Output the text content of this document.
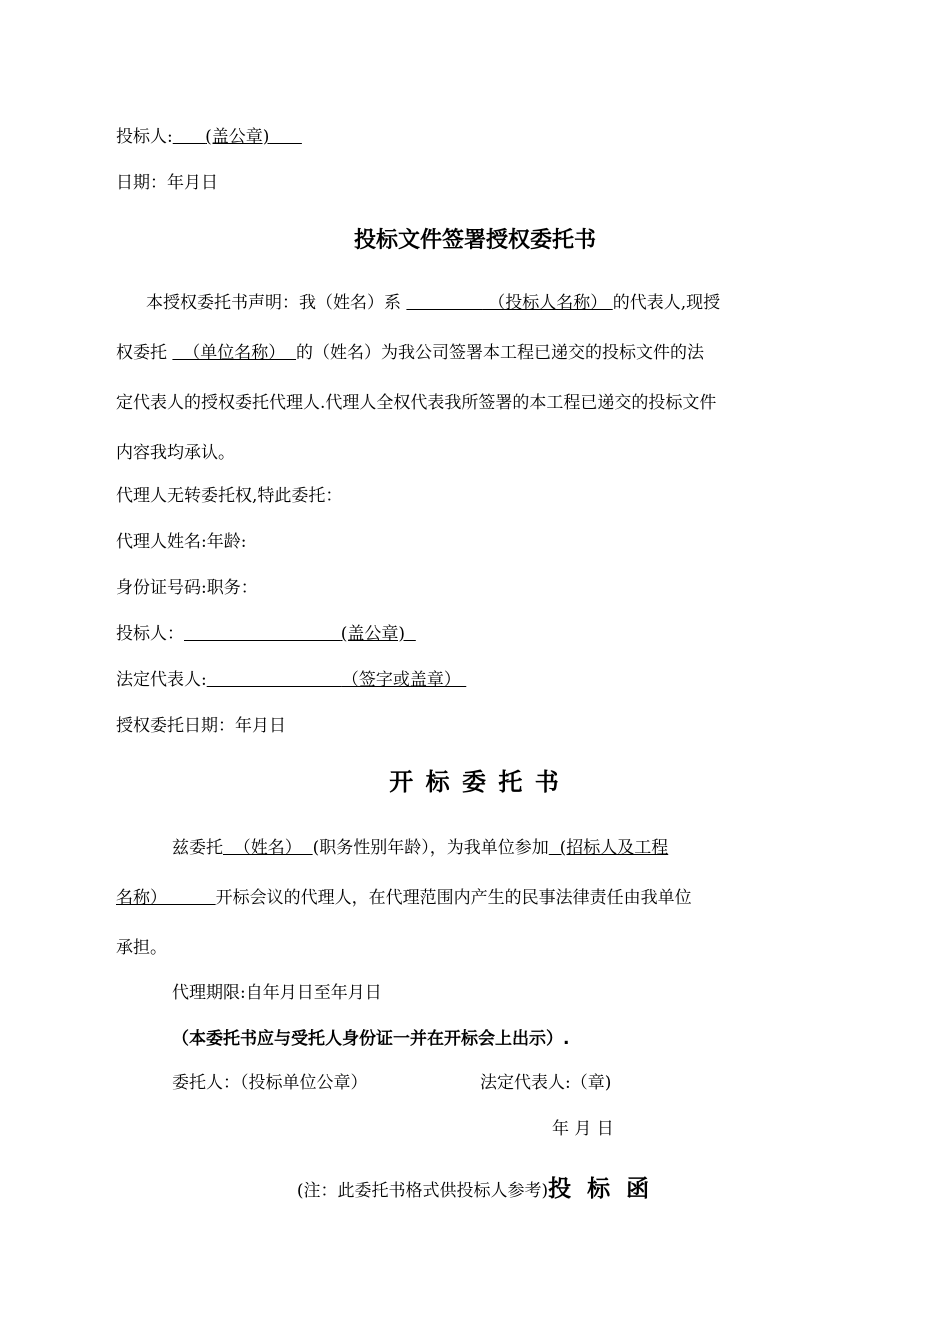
投标人: (盖公章)
日期：年月日
投标文件签署授权委托书
本授权委托书声明：我（姓名）系	（投标人名称） 的代表人,现授
权委托   （单位名称）  的（姓名）为我公司签署本工程已递交的投标文件的法
定代表人的授权委托代理人.代理人全权代表我所签署的本工程已递交的投标文件
内容我均承认。
代理人无转委托权,特此委托：
代理人姓名:年龄:
身份证号码:职务：
投标人：	(盖公章)
法定代表人:	（签字或盖章）
授权委托日期：年月日
开 标 委 托 书
兹委托  （姓名）  (职务性别年龄），为我单位参加  (招标人及工程
名称）         开标会议的代理人，在代理范围内产生的民事法律责任由我单位
承担。
代理期限:自年月日至年月日
（本委托书应与受托人身份证一并在开标会上出示）.
委托人：（投标单位公章）	法定代表人:（章)
年 月 日
(注：此委托书格式供投标人参考)投 标 函
